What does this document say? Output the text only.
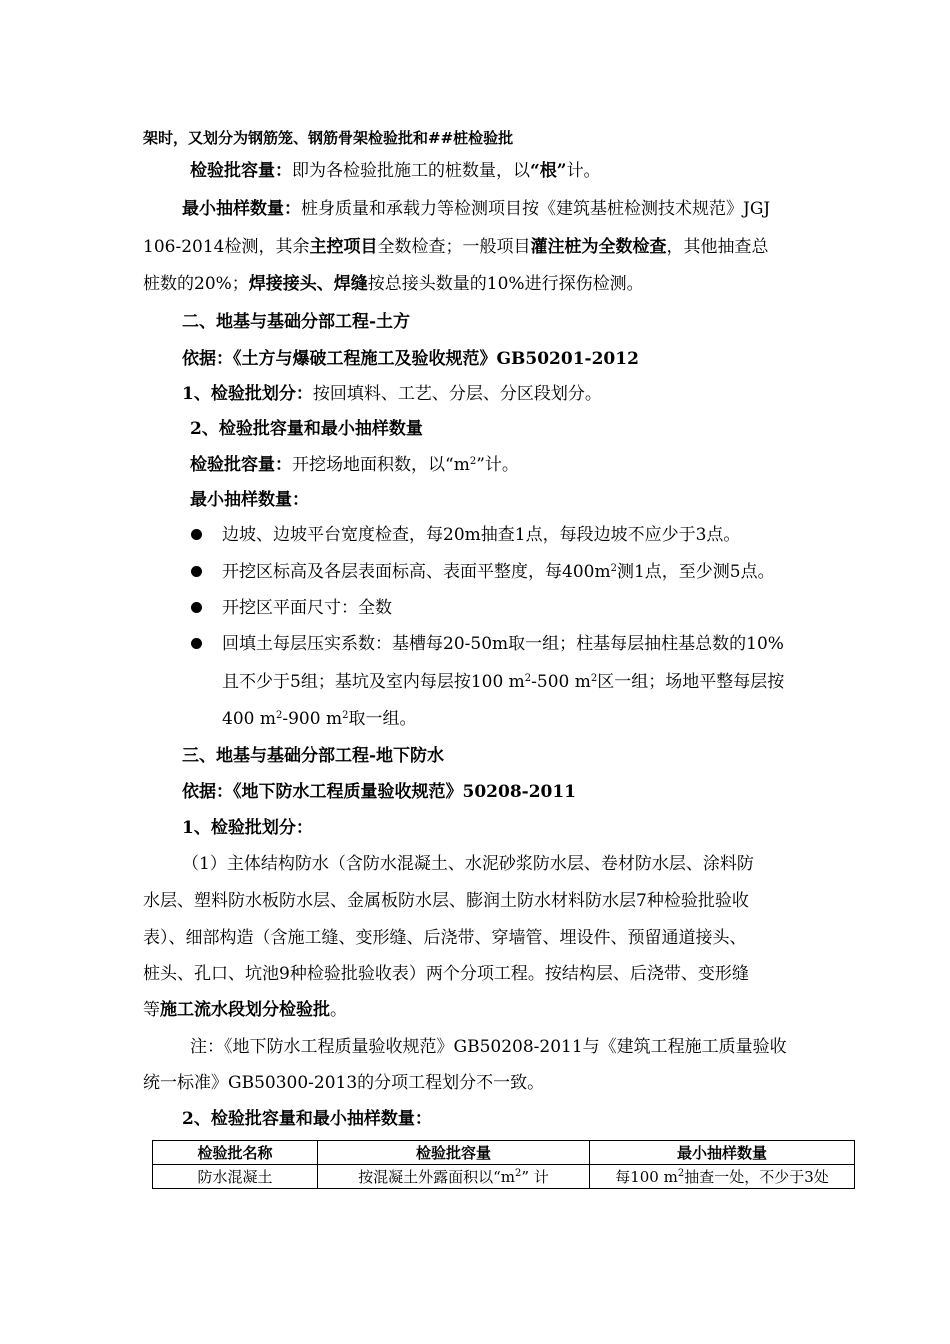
架时，又划分为钢筋笼、钢筋骨架检验批和##桩检验批
检验批容量：即为各检验批施工的桩数量，以“根”计。
最小抽样数量：桩身质量和承载力等检测项目按《建筑基桩检测技术规范》JGJ
106-2014检测，其余主控项目全数检查；一般项目灌注桩为全数检查，其他抽查总
桩数的20%；焊接接头、焊缝按总接头数量的10%进行探伤检测。
二、地基与基础分部工程-土方
依据：《土方与爆破工程施工及验收规范》GB50201-2012
1、检验批划分：按回填料、工艺、分层、分区段划分。
2、检验批容量和最小抽样数量
检验批容量：开挖场地面积数，以“$m^2$”计。
最小抽样数量：
边坡、边坡平台宽度检查，每20m抽查1点，每段边坡不应少于3点。
开挖区标高及各层表面标高、表面平整度，每$400m^2$测1点，至少测5点。
开挖区平面尺寸：全数
回填土每层压实系数：基槽每20-50m取一组；柱基每层抽柱基总数的10%
且不少于5组；基坑及室内每层按100 $m^2-500$ $m^2$区一组；场地平整每层按
400 $m^2-900$ $m^2$取一组。
三、地基与基础分部工程-地下防水
依据：《地下防水工程质量验收规范》50208-2011
1、检验批划分：
（1）主体结构防水（含防水混凝土、水泥砂浆防水层、卷材防水层、涂料防
水层、塑料防水板防水层、金属板防水层、膨润土防水材料防水层7种检验批验收
表）、细部构造（含施工缝、变形缝、后浇带、穿墙管、埋设件、预留通道接头、
桩头、孔口、坑池9种检验批验收表）两个分项工程。按结构层、后浇带、变形缝
等施工流水段划分检验批。
注：《地下防水工程质量验收规范》GB50208-2011与《建筑工程施工质量验收
统一标准》GB50300-2013的分项工程划分不一致。
2、检验批容量和最小抽样数量：
检验批名称	检验批容量	最小抽样数量
防水混凝土	按混凝土外露面积以“$m^2$” 计	每100 $m^2$抽查一处，不少于3处
